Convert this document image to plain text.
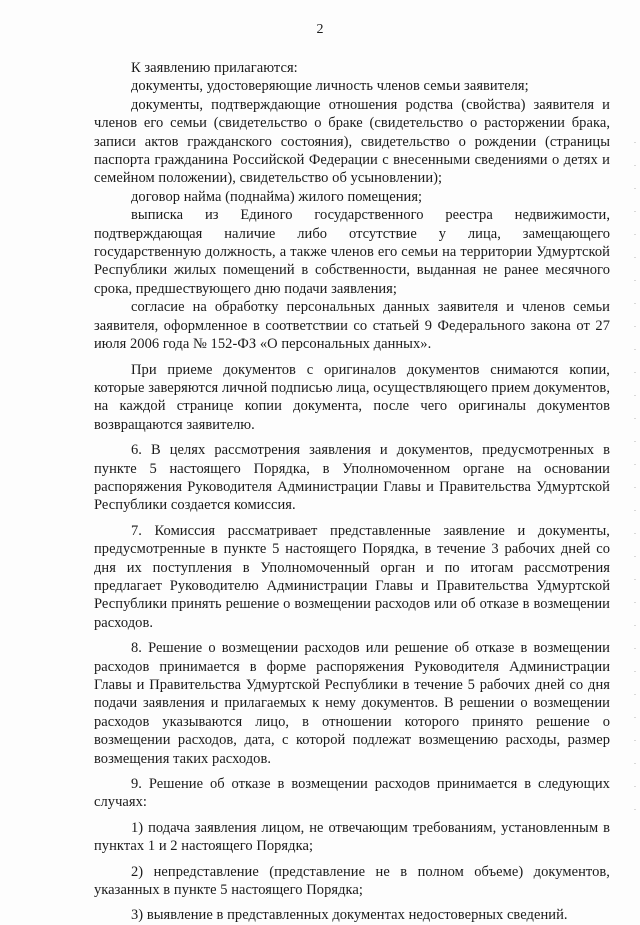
2

К заявлению прилагаются:

документы, удостоверяющие личность членов семьи заявителя;

документы, подтверждающие отношения родства (свойства) заявителя и членов его семьи (свидетельство о браке (свидетельство о расторжении брака, записи актов гражданского состояния), свидетельство о рождении (страницы паспорта гражданина Российской Федерации с внесенными сведениями о детях и семейном положении), свидетельство об усыновлении);

договор найма (поднайма) жилого помещения;

выписка из Единого государственного реестра недвижимости, подтверждающая наличие либо отсутствие у лица, замещающего государственную должность, а также членов его семьи на территории Удмуртской Республики жилых помещений в собственности, выданная не ранее месячного срока, предшествующего дню подачи заявления;

согласие на обработку персональных данных заявителя и членов семьи заявителя, оформленное в соответствии со статьей 9 Федерального закона от 27 июля 2006 года № 152-ФЗ «О персональных данных».

При приеме документов с оригиналов документов снимаются копии, которые заверяются личной подписью лица, осуществляющего прием документов, на каждой странице копии документа, после чего оригиналы документов возвращаются заявителю.

6. В целях рассмотрения заявления и документов, предусмотренных в пункте 5 настоящего Порядка, в Уполномоченном органе на основании распоряжения Руководителя Администрации Главы и Правительства Удмуртской Республики создается комиссия.

7. Комиссия рассматривает представленные заявление и документы, предусмотренные в пункте 5 настоящего Порядка, в течение 3 рабочих дней со дня их поступления в Уполномоченный орган и по итогам рассмотрения предлагает Руководителю Администрации Главы и Правительства Удмуртской Республики принять решение о возмещении расходов или об отказе в возмещении расходов.

8. Решение о возмещении расходов или решение об отказе в возмещении расходов принимается в форме распоряжения Руководителя Администрации Главы и Правительства Удмуртской Республики в течение 5 рабочих дней со дня подачи заявления и прилагаемых к нему документов. В решении о возмещении расходов указываются лицо, в отношении которого принято решение о возмещении расходов, дата, с которой подлежат возмещению расходы, размер возмещения таких расходов.

9. Решение об отказе в возмещении расходов принимается в следующих случаях:

1) подача заявления лицом, не отвечающим требованиям, установленным в пунктах 1 и 2 настоящего Порядка;

2) непредставление (представление не в полном объеме) документов, указанных в пункте 5 настоящего Порядка;

3) выявление в представленных документах недостоверных сведений.
